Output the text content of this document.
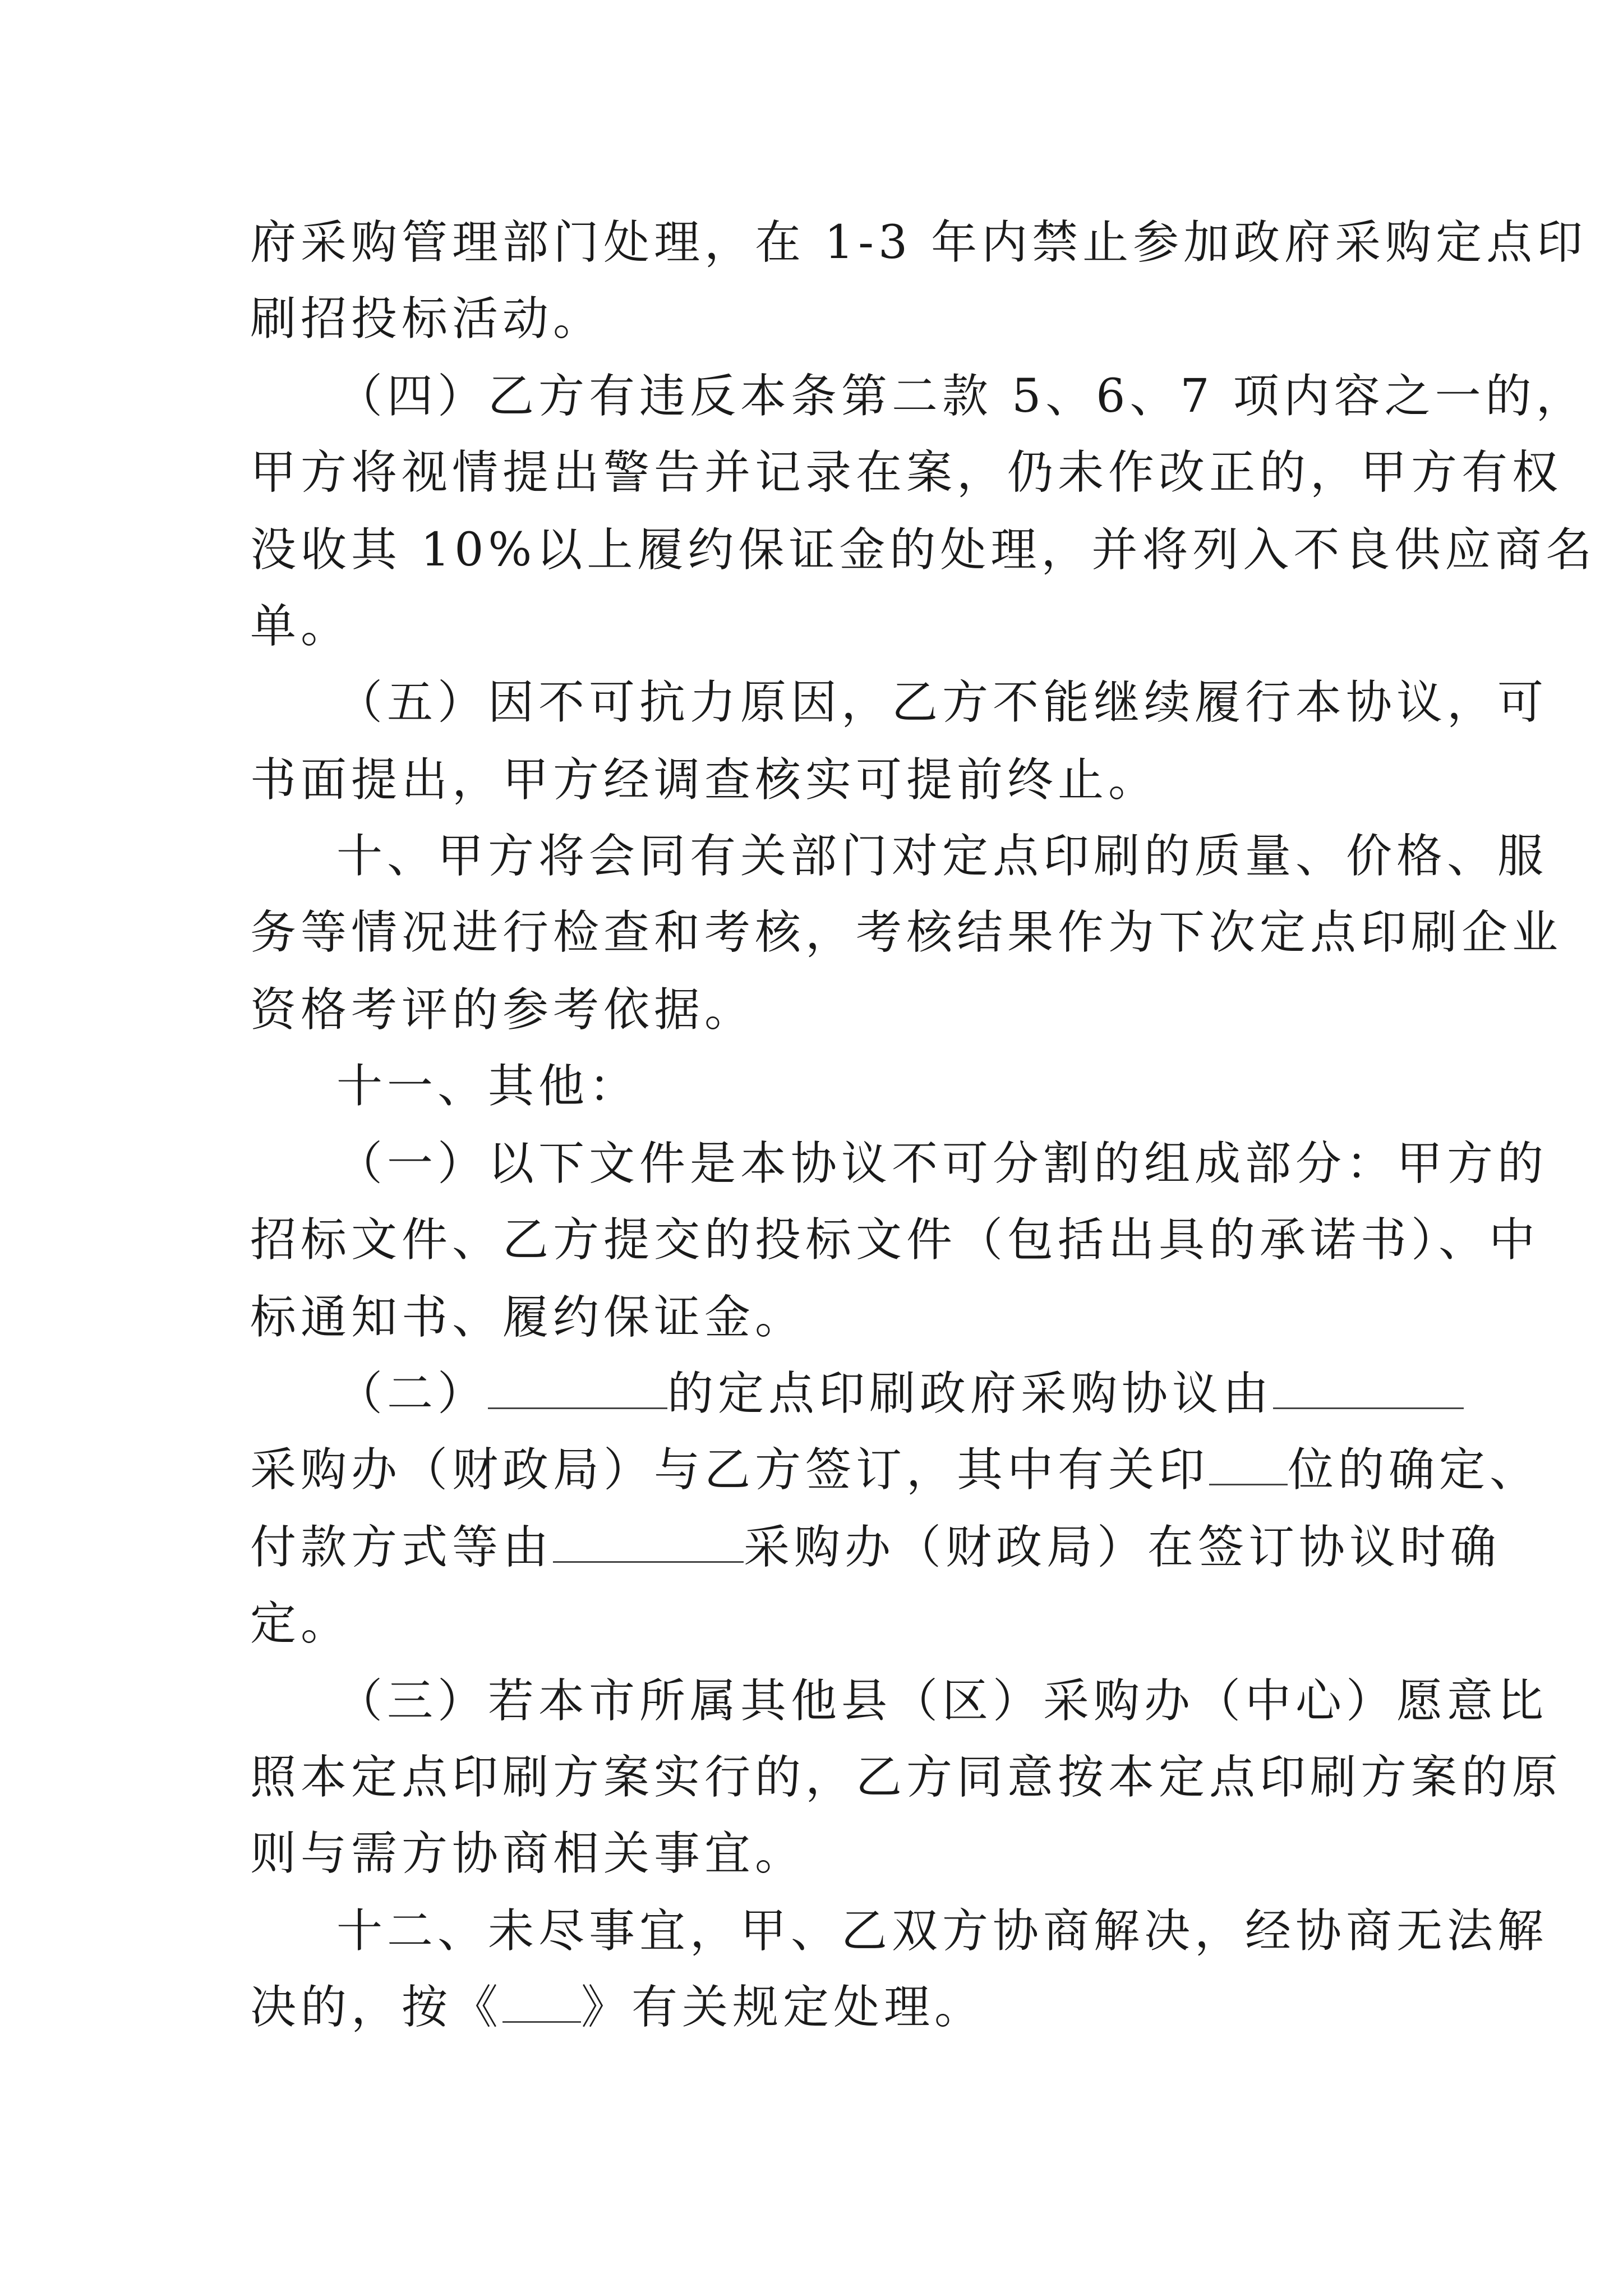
府采购管理部门处理，在 1-3 年内禁止参加政府采购定点印
刷招投标活动。
（四）乙方有违反本条第二款 5、6、7 项内容之一的，
甲方将视情提出警告并记录在案，仍未作改正的，甲方有权
没收其 10%以上履约保证金的处理，并将列入不良供应商名
单。
（五）因不可抗力原因，乙方不能继续履行本协议，可
书面提出，甲方经调查核实可提前终止。
十、甲方将会同有关部门对定点印刷的质量、价格、服
务等情况进行检查和考核，考核结果作为下次定点印刷企业
资格考评的参考依据。
十一、其他：
（一）以下文件是本协议不可分割的组成部分：甲方的
招标文件、乙方提交的投标文件（包括出具的承诺书）、中
标通知书、履约保证金。
（二）	的定点印刷政府采购协议由
采购办（财政局）与乙方签订，其中有关印 位的确定、
付款方式等由	采购办（财政局）在签订协议时确
定。
（三）若本市所属其他县（区）采购办（中心）愿意比
照本定点印刷方案实行的，乙方同意按本定点印刷方案的原
则与需方协商相关事宜。
十二、未尽事宜，甲、乙双方协商解决，经协商无法解
决的，按《 》有关规定处理。
